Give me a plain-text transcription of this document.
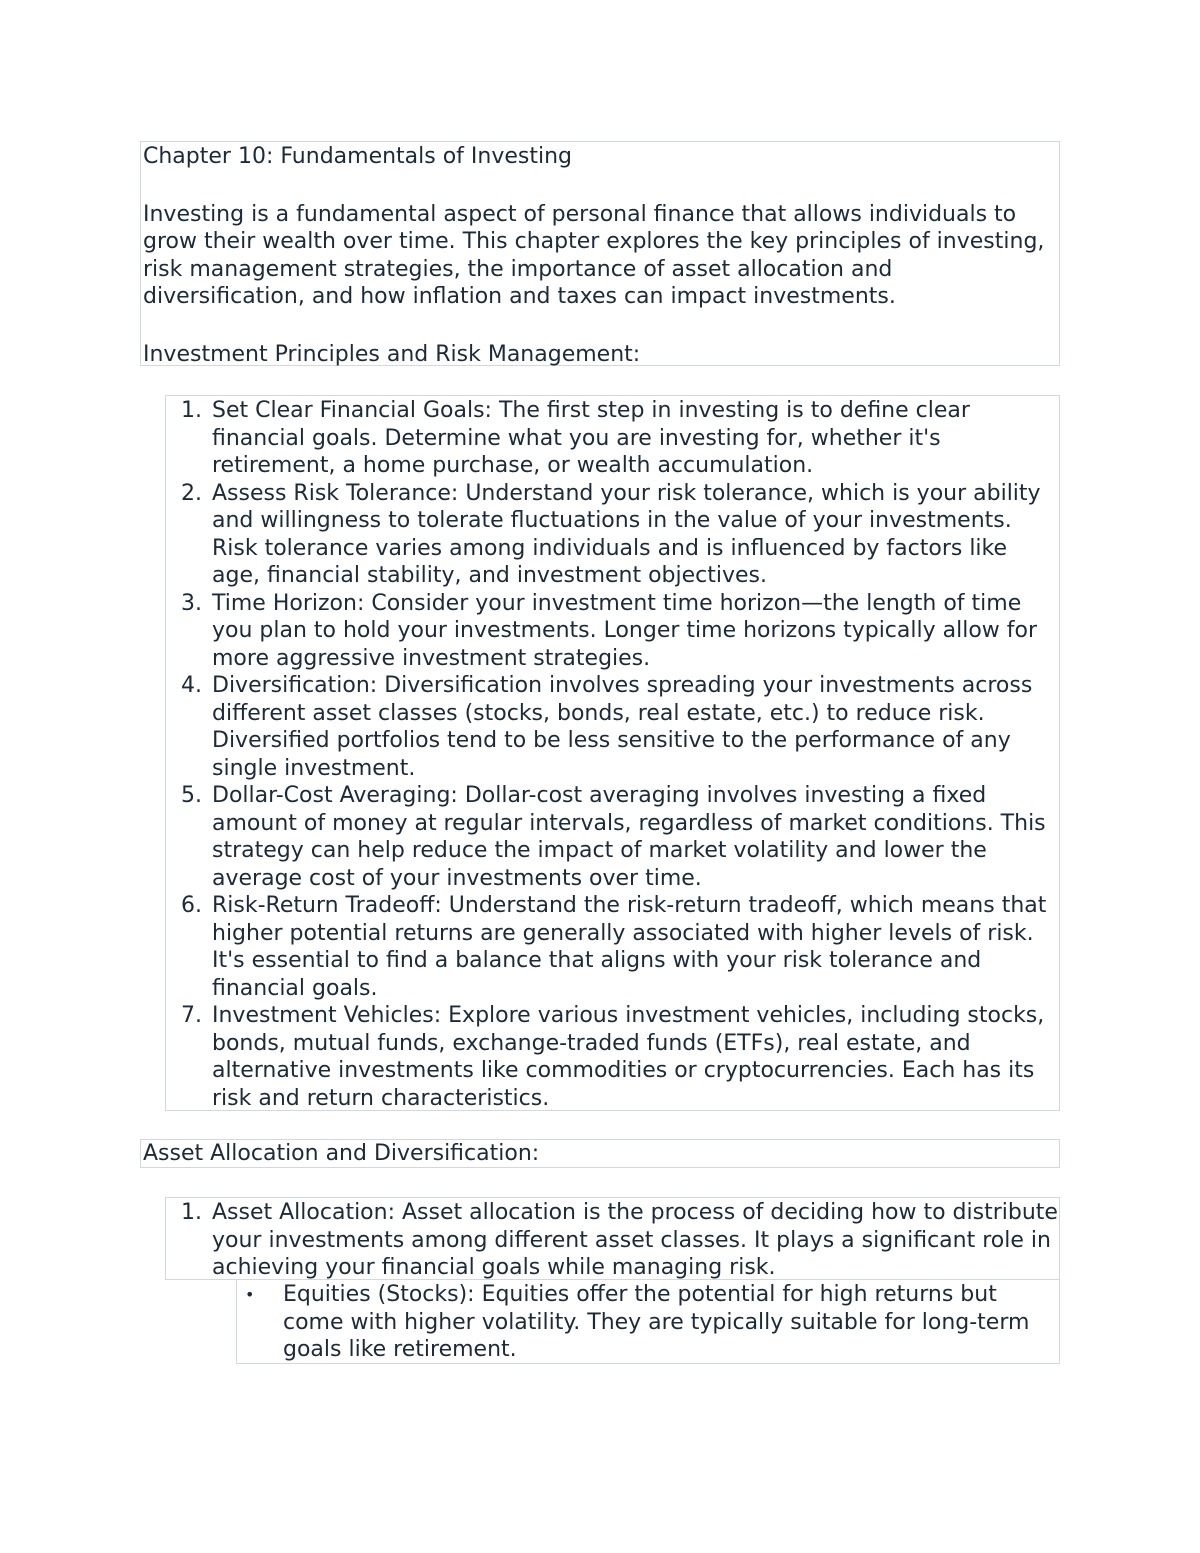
Chapter 10: Fundamentals of Investing

Investing is a fundamental aspect of personal finance that allows individuals to grow their wealth over time. This chapter explores the key principles of investing, risk management strategies, the importance of asset allocation and diversification, and how inflation and taxes can impact investments.

Investment Principles and Risk Management:

1. Set Clear Financial Goals: The first step in investing is to define clear financial goals. Determine what you are investing for, whether it's retirement, a home purchase, or wealth accumulation.
2. Assess Risk Tolerance: Understand your risk tolerance, which is your ability and willingness to tolerate fluctuations in the value of your investments. Risk tolerance varies among individuals and is influenced by factors like age, financial stability, and investment objectives.
3. Time Horizon: Consider your investment time horizon—the length of time you plan to hold your investments. Longer time horizons typically allow for more aggressive investment strategies.
4. Diversification: Diversification involves spreading your investments across different asset classes (stocks, bonds, real estate, etc.) to reduce risk. Diversified portfolios tend to be less sensitive to the performance of any single investment.
5. Dollar-Cost Averaging: Dollar-cost averaging involves investing a fixed amount of money at regular intervals, regardless of market conditions. This strategy can help reduce the impact of market volatility and lower the average cost of your investments over time.
6. Risk-Return Tradeoff: Understand the risk-return tradeoff, which means that higher potential returns are generally associated with higher levels of risk. It's essential to find a balance that aligns with your risk tolerance and financial goals.
7. Investment Vehicles: Explore various investment vehicles, including stocks, bonds, mutual funds, exchange-traded funds (ETFs), real estate, and alternative investments like commodities or cryptocurrencies. Each has its risk and return characteristics.
Asset Allocation and Diversification:
1. Asset Allocation: Asset allocation is the process of deciding how to distribute your investments among different asset classes. It plays a significant role in achieving your financial goals while managing risk.
• Equities (Stocks): Equities offer the potential for high returns but come with higher volatility. They are typically suitable for long-term goals like retirement.
